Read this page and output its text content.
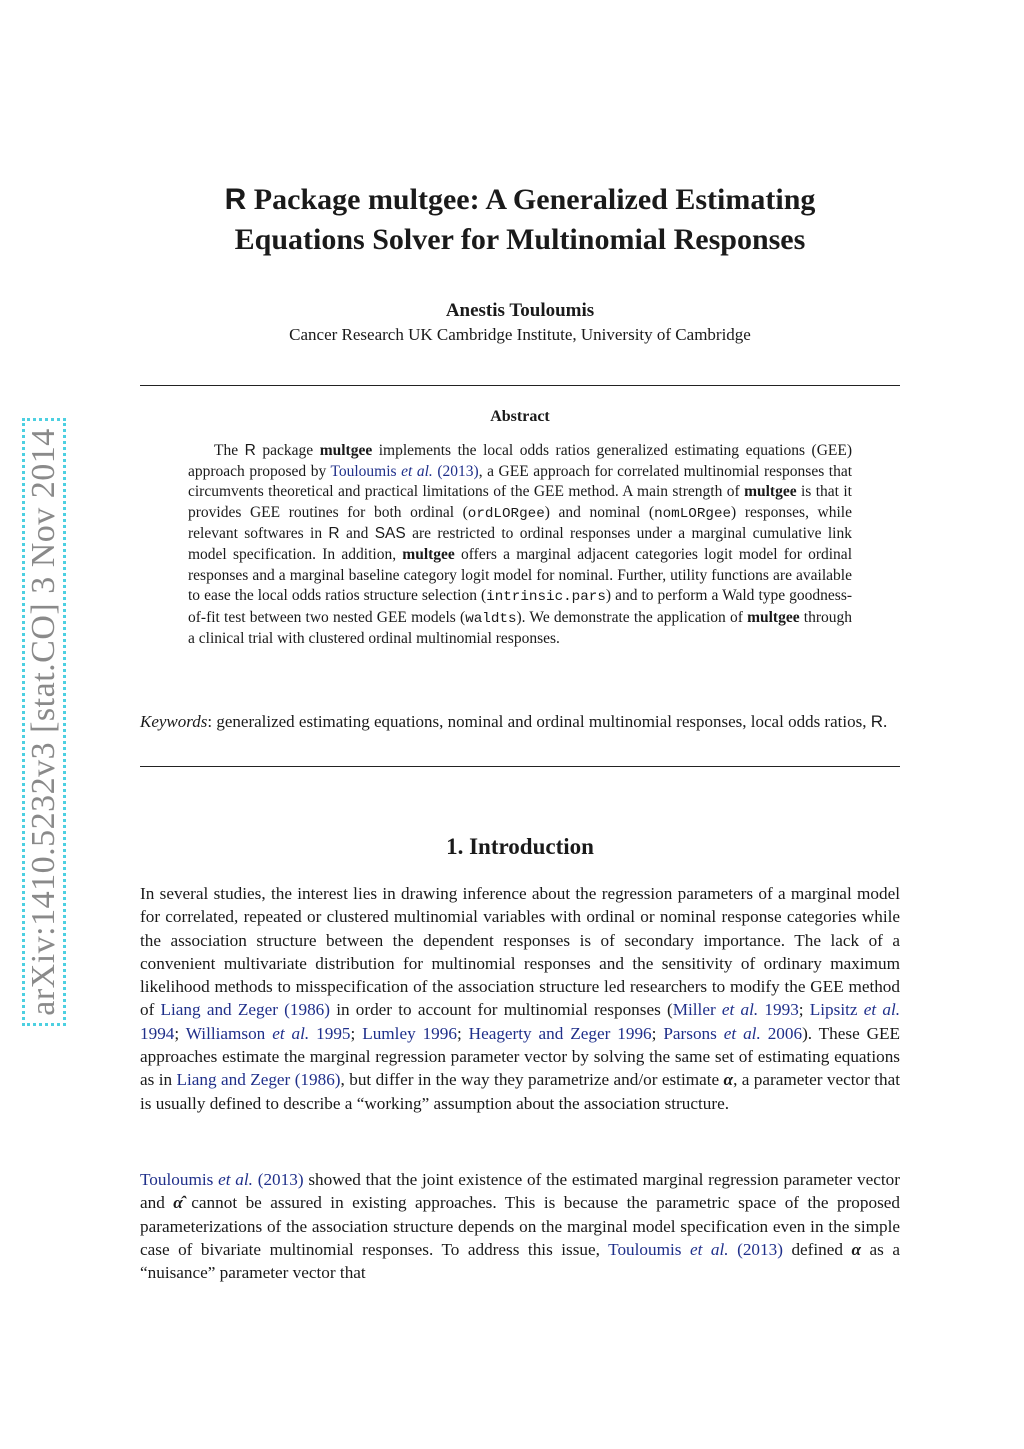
arXiv:1410.5232v3 [stat.CO] 3 Nov 2014
R Package multgee: A Generalized Estimating
Equations Solver for Multinomial Responses
Anestis Touloumis
Cancer Research UK Cambridge Institute, University of Cambridge
Abstract
The R package multgee implements the local odds ratios generalized estimating equations (GEE) approach proposed by Touloumis et al. (2013), a GEE approach for correlated multinomial responses that circumvents theoretical and practical limitations of the GEE method. A main strength of multgee is that it provides GEE routines for both ordinal (ordLORgee) and nominal (nomLORgee) responses, while relevant softwares in R and SAS are restricted to ordinal responses under a marginal cumulative link model specification. In addition, multgee offers a marginal adjacent categories logit model for ordinal responses and a marginal baseline category logit model for nominal. Further, utility functions are available to ease the local odds ratios structure selection (intrinsic.pars) and to perform a Wald type goodness-of-fit test between two nested GEE models (waldts). We demonstrate the application of multgee through a clinical trial with clustered ordinal multinomial responses.
Keywords: generalized estimating equations, nominal and ordinal multinomial responses, local odds ratios, R.
1. Introduction

In several studies, the interest lies in drawing inference about the regression parameters of a marginal model for correlated, repeated or clustered multinomial variables with ordinal or nominal response categories while the association structure between the dependent responses is of secondary importance. The lack of a convenient multivariate distribution for multinomial responses and the sensitivity of ordinary maximum likelihood methods to misspecification of the association structure led researchers to modify the GEE method of Liang and Zeger (1986) in order to account for multinomial responses (Miller et al. 1993; Lipsitz et al. 1994; Williamson et al. 1995; Lumley 1996; Heagerty and Zeger 1996; Parsons et al. 2006). These GEE approaches estimate the marginal regression parameter vector by solving the same set of estimating equations as in Liang and Zeger (1986), but differ in the way they parametrize and/or estimate α, a parameter vector that is usually defined to describe a “working” assumption about the association structure.

Touloumis et al. (2013) showed that the joint existence of the estimated marginal regression parameter vector and α̂ cannot be assured in existing approaches. This is because the parametric space of the proposed parameterizations of the association structure depends on the marginal model specification even in the simple case of bivariate multinomial responses. To address this issue, Touloumis et al. (2013) defined α as a “nuisance” parameter vector that
